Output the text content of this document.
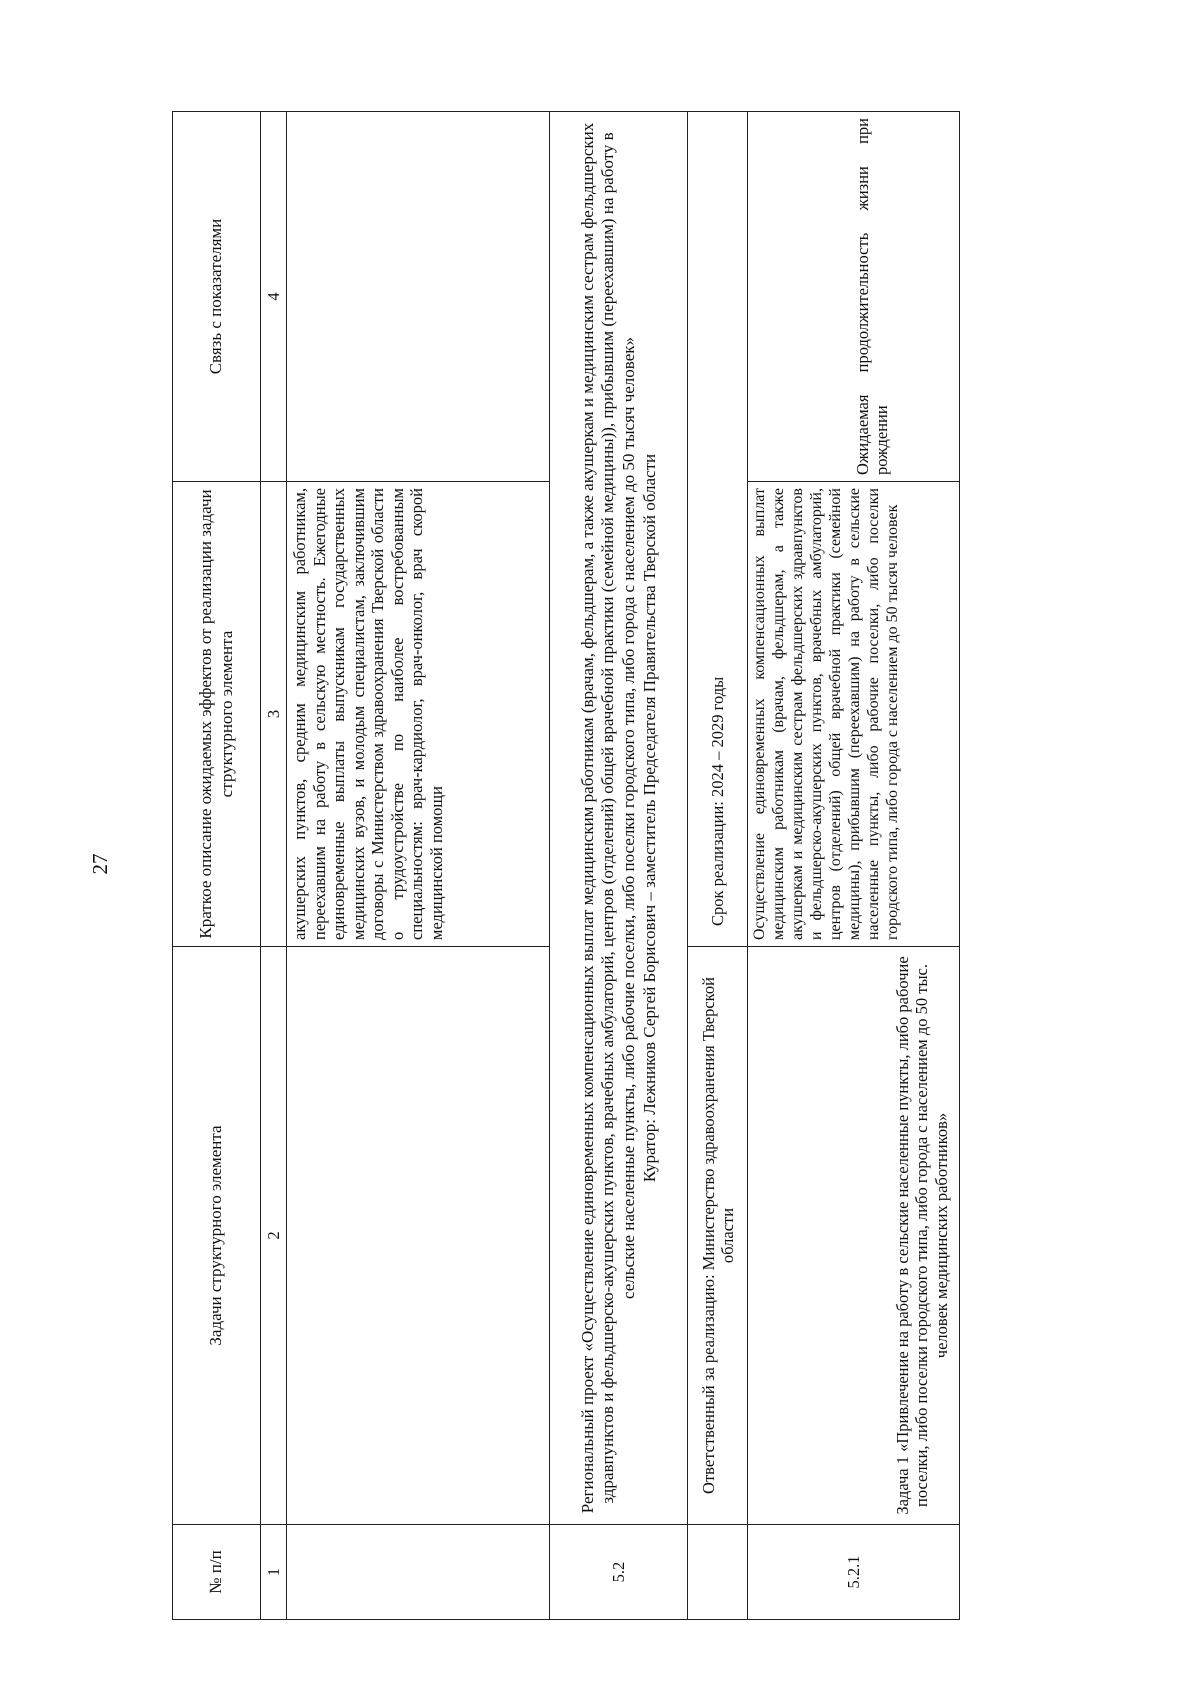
27
№ п/п	Задачи структурного элемента	Краткое описание ожидаемых эффектов от реализации задачи структурного элемента	Связь с показателями
1	2	3	4
		акушерских пунктов, средним медицинским работникам, переехавшим на работу в сельскую местность. Ежегодные единовременные выплаты выпускникам государственных медицинских вузов, и молодым специалистам, заключившим договоры с Министерством здравоохранения Тверской области о трудоустройстве по наиболее востребованным специальностям: врач-кардиолог, врач-онколог, врач скорой медицинской помощи	
5.2	Региональный проект «Осуществление единовременных компенсационных выплат медицинским работникам (врачам, фельдшерам, а также акушеркам и медицинским сестрам фельдшерских здравпунктов и фельдшерско-акушерских пунктов, врачебных амбулаторий, центров (отделений) общей врачебной практики (семейной медицины)), прибывшим (переехавшим) на работу в сельские населенные пункты, либо рабочие поселки, либо поселки городского типа, либо города с населением до 50 тысяч человек» Куратор: Лежников Сергей Борисович – заместитель Председателя Правительства Тверской области		

	Ответственный за реализацию: Министерство здравоохранения Тверской области	Срок реализации: 2024 – 2029 годы	
5.2.1	Задача 1 «Привлечение на работу в сельские населенные пункты, либо рабочие поселки, либо поселки городского типа, либо города с населением до 50 тыс. человек медицинских работников»	Осуществление единовременных компенсационных выплат медицинским работникам (врачам, фельдшерам, а также акушеркам и медицинским сестрам фельдшерских здравпунктов и фельдшерско-акушерских пунктов, врачебных амбулаторий, центров (отделений) общей врачебной практики (семейной медицины), прибывшим (переехавшим) на работу в сельские населенные пункты, либо рабочие поселки, либо поселки городского типа, либо города с населением до 50 тысяч человек	Ожидаемая продолжительность жизни при рождении
